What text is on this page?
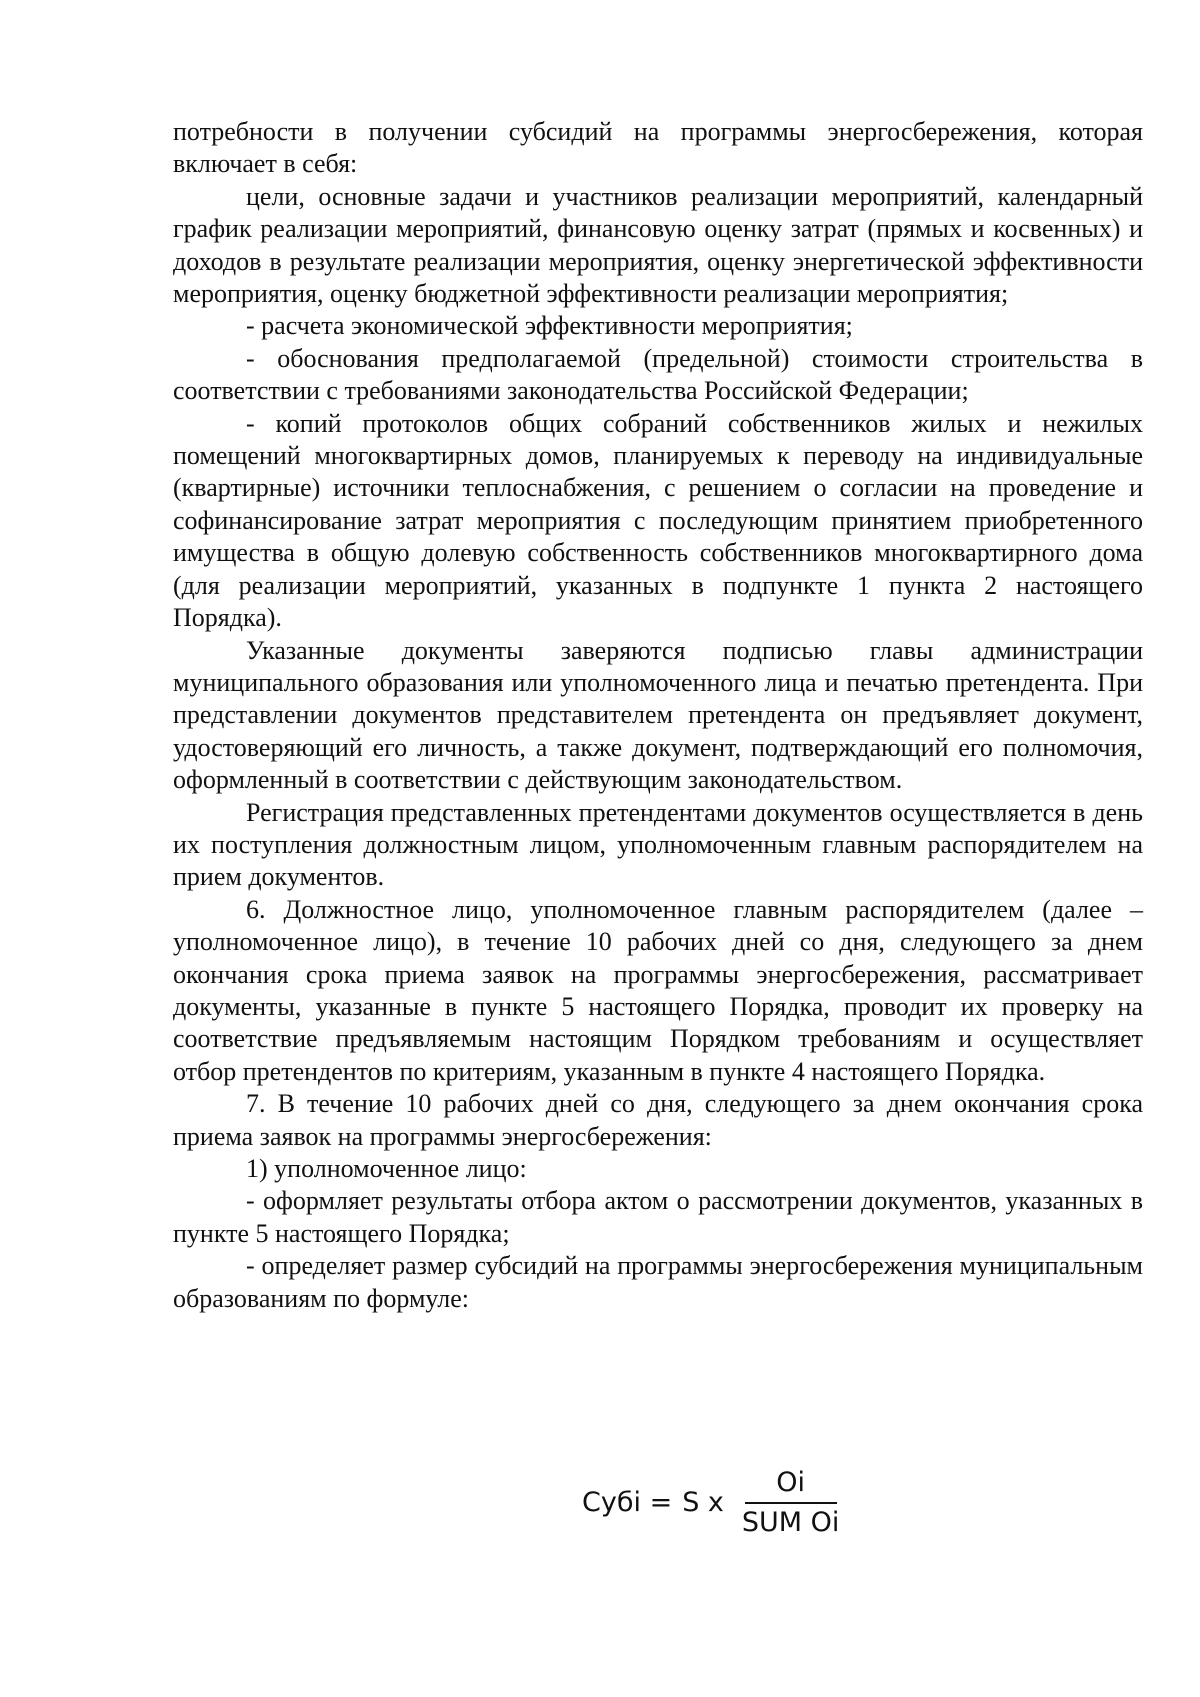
потребности в получении субсидий на программы энергосбережения, которая включает в себя:

цели, основные задачи и участников реализации мероприятий, календарный график реализации мероприятий, финансовую оценку затрат (прямых и косвенных) и доходов в результате реализации мероприятия, оценку энергетической эффективности мероприятия, оценку бюджетной эффективности реализации мероприятия;

- расчета экономической эффективности мероприятия;

- обоснования предполагаемой (предельной) стоимости строительства в соответствии с требованиями законодательства Российской Федерации;

- копий протоколов общих собраний собственников жилых и нежилых помещений многоквартирных домов, планируемых к переводу на индивидуальные (квартирные) источники теплоснабжения, с решением о согласии на проведение и софинансирование затрат мероприятия с последующим принятием приобретенного имущества в общую долевую собственность собственников многоквартирного дома (для реализации мероприятий, указанных в подпункте 1 пункта 2 настоящего Порядка).

Указанные документы заверяются подписью главы администрации муниципального образования или уполномоченного лица и печатью претендента. При представлении документов представителем претендента он предъявляет документ, удостоверяющий его личность, а также документ, подтверждающий его полномочия, оформленный в соответствии с действующим законодательством.

Регистрация представленных претендентами документов осуществляется в день их поступления должностным лицом, уполномоченным главным распорядителем на прием документов.

6. Должностное лицо, уполномоченное главным распорядителем (далее – уполномоченное лицо), в течение 10 рабочих дней со дня, следующего за днем окончания срока приема заявок на программы энергосбережения, рассматривает документы, указанные в пункте 5 настоящего Порядка, проводит их проверку на соответствие предъявляемым настоящим Порядком требованиям и осуществляет отбор претендентов по критериям, указанным в пункте 4 настоящего Порядка.

7. В течение 10 рабочих дней со дня, следующего за днем окончания срока приема заявок на программы энергосбережения:

1) уполномоченное лицо:

- оформляет результаты отбора актом о рассмотрении документов, указанных в пункте 5 настоящего Порядка;

- определяет размер субсидий на программы энергосбережения муниципальным образованиям по формуле:

Субi = S x $\frac{Oi}{\text{SUM Oi}}$
